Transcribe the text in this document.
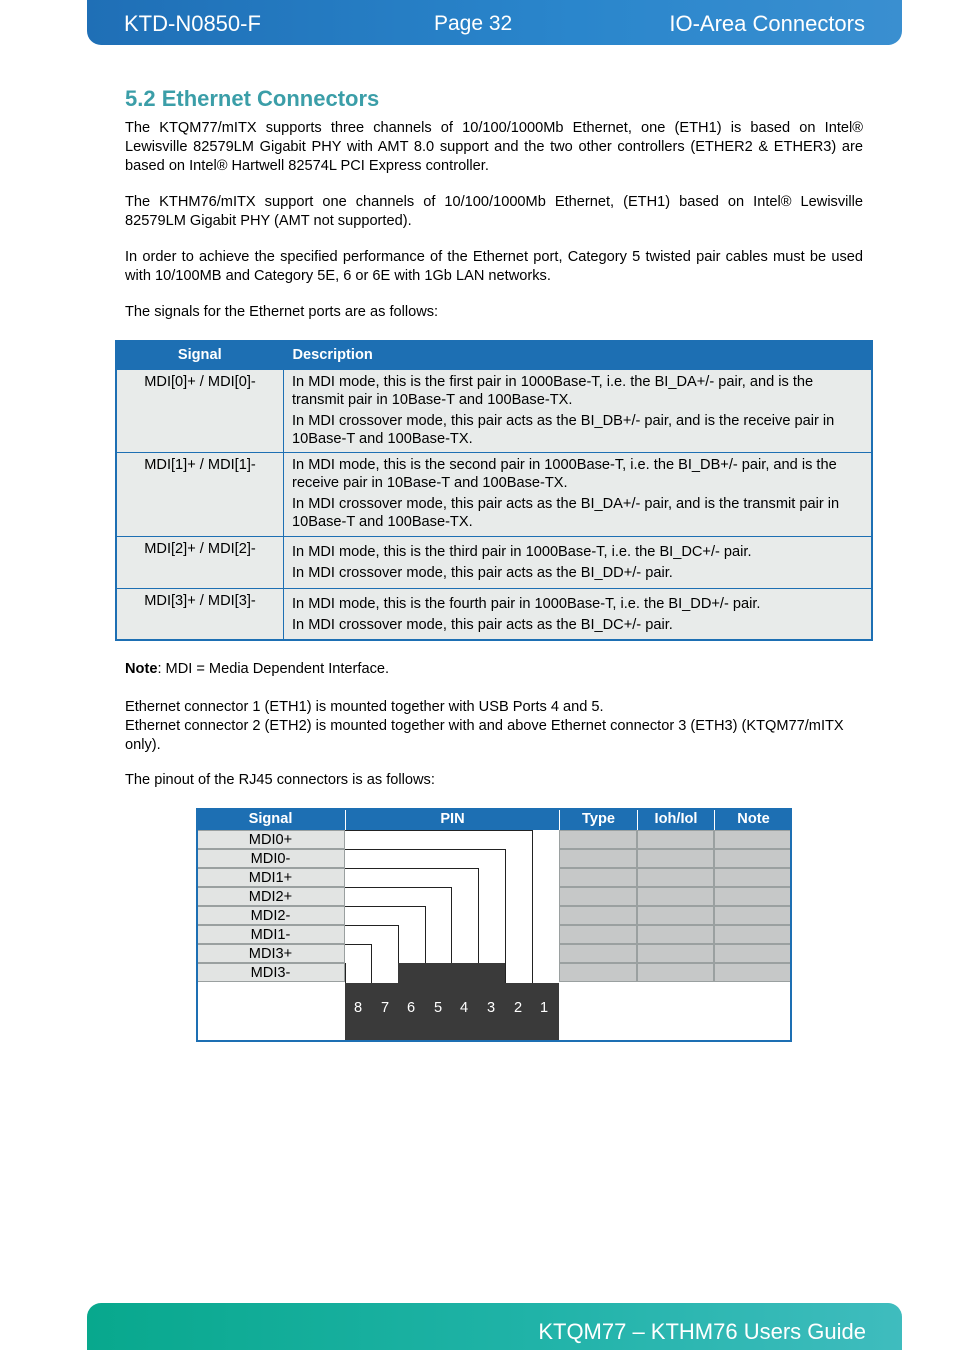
KTD-N0850-F	Page 32	IO-Area Connectors
5.2 Ethernet Connectors

The KTQM77/mITX supports three channels of 10/100/1000Mb Ethernet, one (ETH1) is based on Intel® Lewisville 82579LM Gigabit PHY with AMT 8.0 support and the two other controllers (ETHER2 & ETHER3) are based on Intel® Hartwell 82574L PCI Express controller.

The KTHM76/mITX support one channels of 10/100/1000Mb Ethernet, (ETH1) based on Intel® Lewisville 82579LM Gigabit PHY (AMT not supported).

In order to achieve the specified performance of the Ethernet port, Category 5 twisted pair cables must be used with 10/100MB and Category 5E, 6 or 6E with 1Gb LAN networks.

The signals for the Ethernet ports are as follows:

Signal	Description
MDI[0]+ / MDI[0]-	In MDI mode, this is the first pair in 1000Base-T, i.e. the BI_DA+/- pair, and is the transmit pair in 10Base-T and 100Base-TX.
In MDI crossover mode, this pair acts as the BI_DB+/- pair, and is the receive pair in 10Base-T and 100Base-TX.

MDI[1]+ / MDI[1]-	In MDI mode, this is the second pair in 1000Base-T, i.e. the BI_DB+/- pair, and is the receive pair in 10Base-T and 100Base-TX.
In MDI crossover mode, this pair acts as the BI_DA+/- pair, and is the transmit pair in 10Base-T and 100Base-TX.

MDI[2]+ / MDI[2]-	In MDI mode, this is the third pair in 1000Base-T, i.e. the BI_DC+/- pair.
In MDI crossover mode, this pair acts as the BI_DD+/- pair.

MDI[3]+ / MDI[3]-	In MDI mode, this is the fourth pair in 1000Base-T, i.e. the BI_DD+/- pair.
In MDI crossover mode, this pair acts as the BI_DC+/- pair.

Note: MDI = Media Dependent Interface.

Ethernet connector 1 (ETH1) is mounted together with USB Ports 4 and 5.

Ethernet connector 2 (ETH2) is mounted together with and above Ethernet connector 3 (ETH3) (KTQM77/mITX only).

The pinout of the RJ45 connectors is as follows:

Signal	PIN	Type	Ioh/Iol	Note
MDI0+
MDI0-
MDI1+
MDI2+
MDI2-
MDI1-
MDI3+
MDI3-
8 7 6 5 4 3 2 1
KTQM77 – KTHM76 Users Guide
